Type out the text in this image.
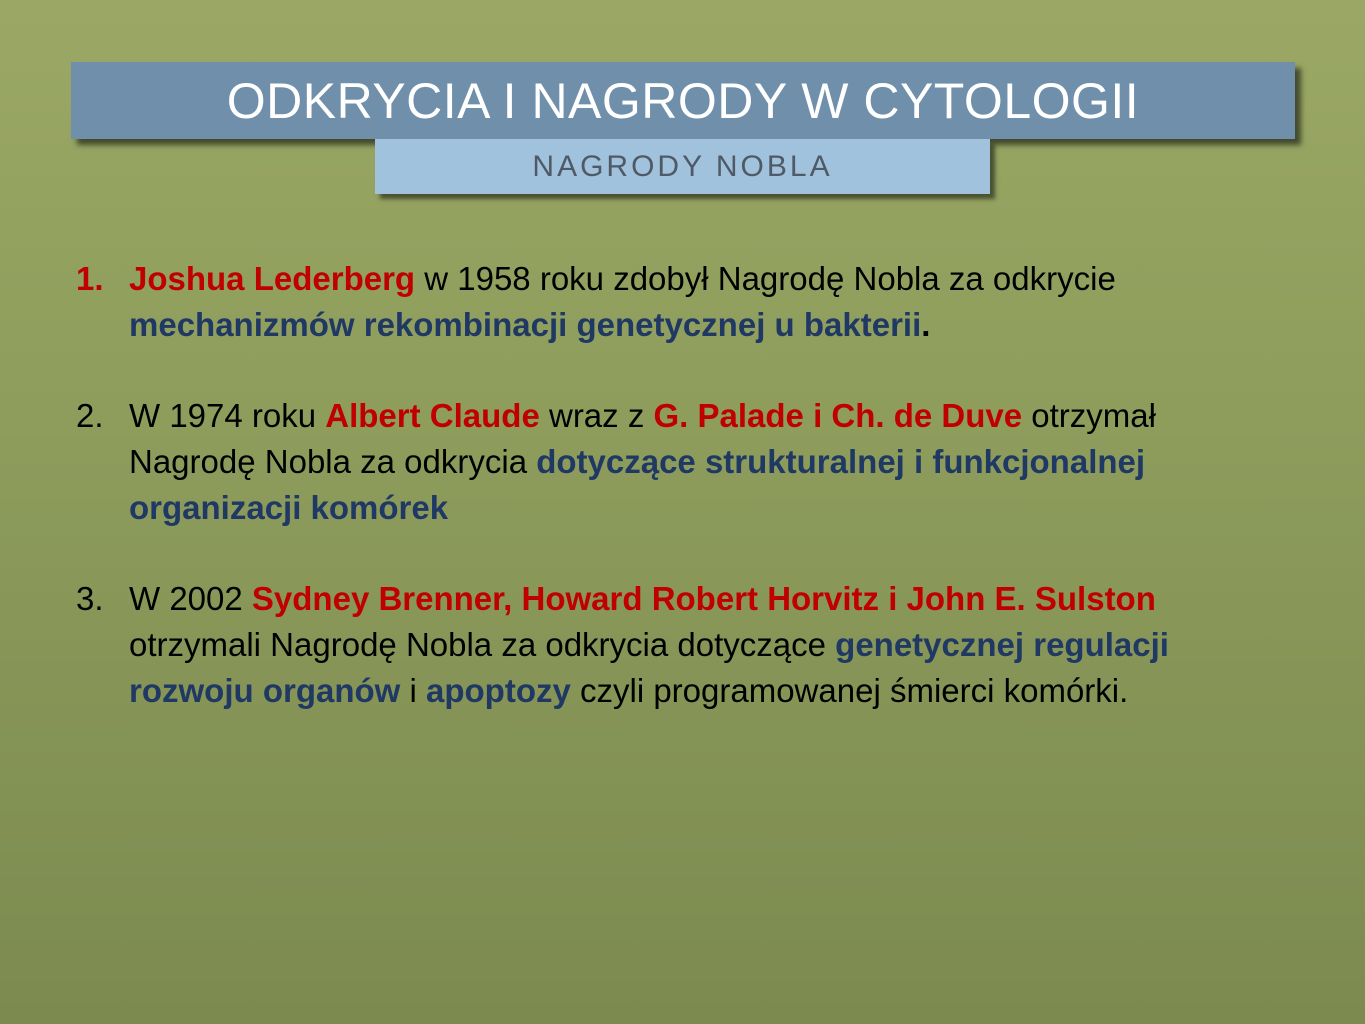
ODKRYCIA I NAGRODY W CYTOLOGII
NAGRODY NOBLA
1. Joshua Lederberg w 1958 roku zdobył Nagrodę Nobla za odkrycie mechanizmów rekombinacji genetycznej u bakterii.
2. W 1974 roku Albert Claude wraz z G. Palade i Ch. de Duve otrzymał Nagrodę Nobla za odkrycia dotyczące strukturalnej i funkcjonalnej organizacji komórek
3. W 2002 Sydney Brenner, Howard Robert Horvitz i John E. Sulston otrzymali Nagrodę Nobla za odkrycia dotyczące genetycznej regulacji rozwoju organów i apoptozy czyli programowanej śmierci komórki.
